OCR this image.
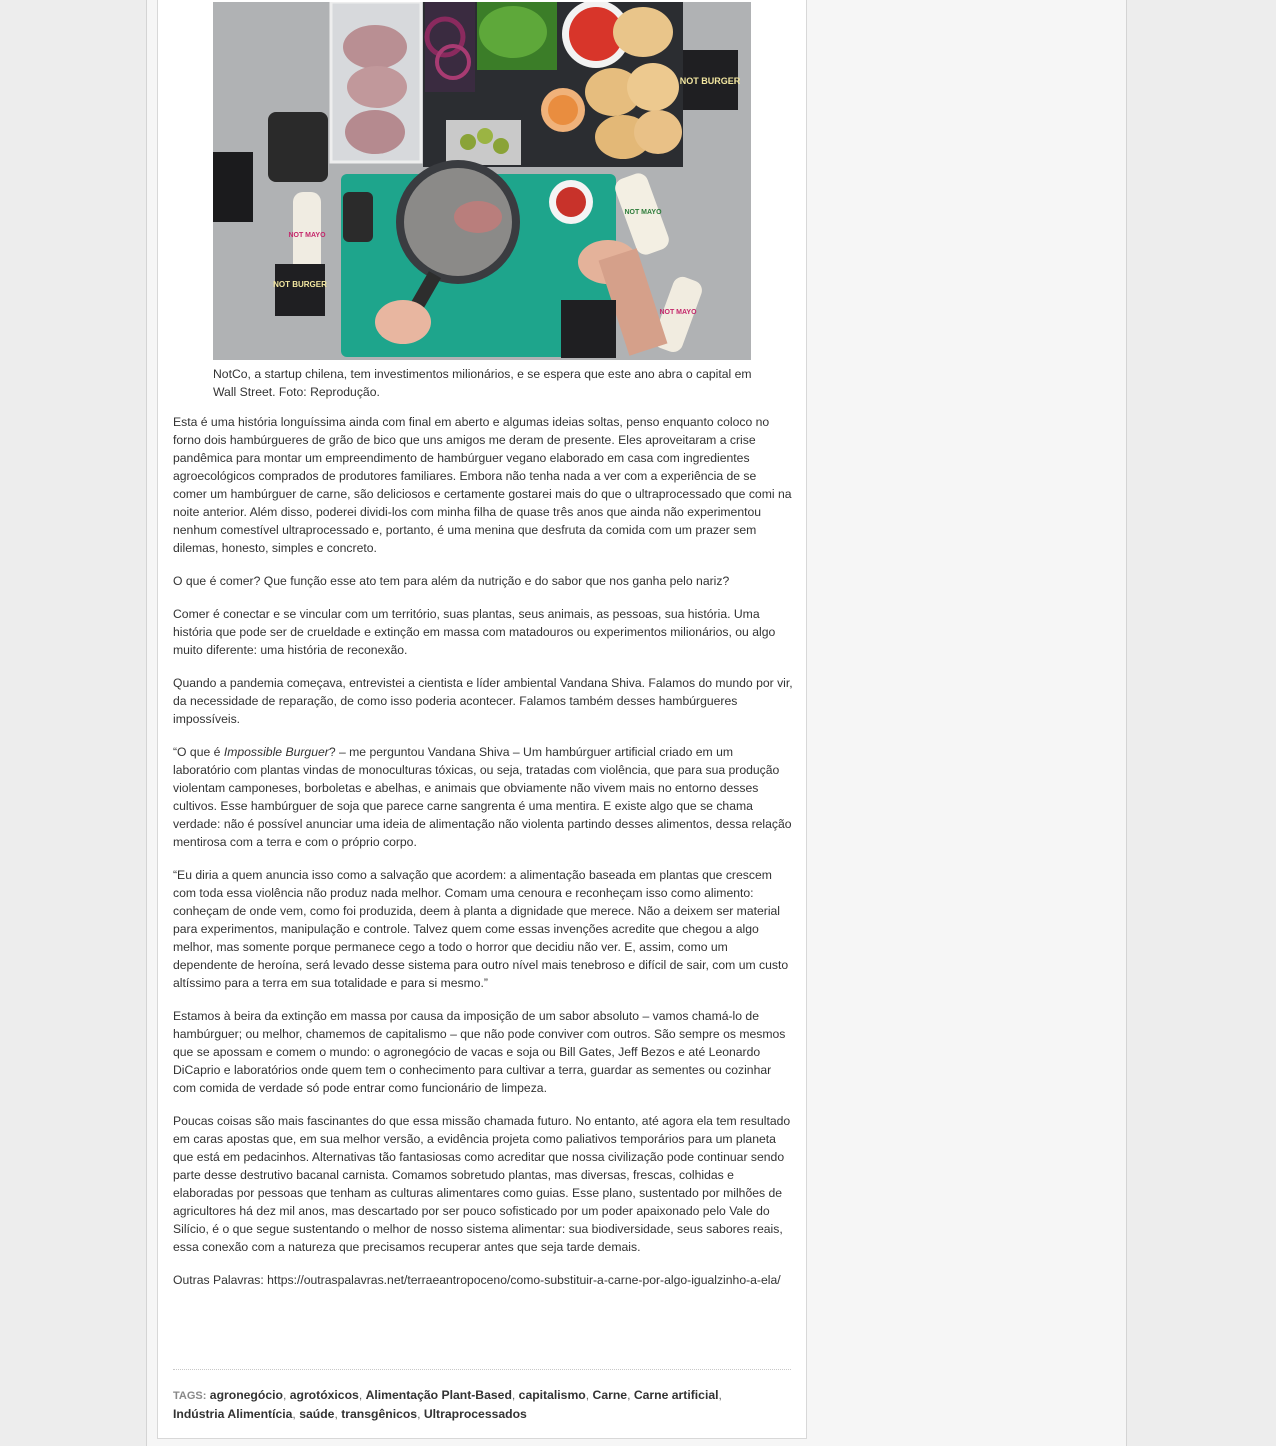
NOT BURGER
NOT MAYO
NOT MAYO
NOT MAYO
NOT BURGER
NotCo, a startup chilena, tem investimentos milionários, e se espera que este ano abra o capital em Wall Street. Foto: Reprodução.

Esta é uma história longuíssima ainda com final em aberto e algumas ideias soltas, penso enquanto coloco no forno dois hambúrgueres de grão de bico que uns amigos me deram de presente. Eles aproveitaram a crise pandêmica para montar um empreendimento de hambúrguer vegano elaborado em casa com ingredientes agroecológicos comprados de produtores familiares. Embora não tenha nada a ver com a experiência de se comer um hambúrguer de carne, são deliciosos e certamente gostarei mais do que o ultraprocessado que comi na noite anterior. Além disso, poderei dividi-los com minha filha de quase três anos que ainda não experimentou nenhum comestível ultraprocessado e, portanto, é uma menina que desfruta da comida com um prazer sem dilemas, honesto, simples e concreto.

O que é comer? Que função esse ato tem para além da nutrição e do sabor que nos ganha pelo nariz?

Comer é conectar e se vincular com um território, suas plantas, seus animais, as pessoas, sua história. Uma história que pode ser de crueldade e extinção em massa com matadouros ou experimentos milionários, ou algo muito diferente: uma história de reconexão.

Quando a pandemia começava, entrevistei a cientista e líder ambiental Vandana Shiva. Falamos do mundo por vir, da necessidade de reparação, de como isso poderia acontecer. Falamos também desses hambúrgueres impossíveis.

“O que é Impossible Burguer? – me perguntou Vandana Shiva – Um hambúrguer artificial criado em um laboratório com plantas vindas de monoculturas tóxicas, ou seja, tratadas com violência, que para sua produção violentam camponeses, borboletas e abelhas, e animais que obviamente não vivem mais no entorno desses cultivos. Esse hambúrguer de soja que parece carne sangrenta é uma mentira. E existe algo que se chama verdade: não é possível anunciar uma ideia de alimentação não violenta partindo desses alimentos, dessa relação mentirosa com a terra e com o próprio corpo.

“Eu diria a quem anuncia isso como a salvação que acordem: a alimentação baseada em plantas que crescem com toda essa violência não produz nada melhor. Comam uma cenoura e reconheçam isso como alimento: conheçam de onde vem, como foi produzida, deem à planta a dignidade que merece. Não a deixem ser material para experimentos, manipulação e controle. Talvez quem come essas invenções acredite que chegou a algo melhor, mas somente porque permanece cego a todo o horror que decidiu não ver. E, assim, como um dependente de heroína, será levado desse sistema para outro nível mais tenebroso e difícil de sair, com um custo altíssimo para a terra em sua totalidade e para si mesmo.”

Estamos à beira da extinção em massa por causa da imposição de um sabor absoluto – vamos chamá-lo de hambúrguer; ou melhor, chamemos de capitalismo – que não pode conviver com outros. São sempre os mesmos que se apossam e comem o mundo: o agronegócio de vacas e soja ou Bill Gates, Jeff Bezos e até Leonardo DiCaprio e laboratórios onde quem tem o conhecimento para cultivar a terra, guardar as sementes ou cozinhar com comida de verdade só pode entrar como funcionário de limpeza.

Poucas coisas são mais fascinantes do que essa missão chamada futuro. No entanto, até agora ela tem resultado em caras apostas que, em sua melhor versão, a evidência projeta como paliativos temporários para um planeta que está em pedacinhos. Alternativas tão fantasiosas como acreditar que nossa civilização pode continuar sendo parte desse destrutivo bacanal carnista. Comamos sobretudo plantas, mas diversas, frescas, colhidas e elaboradas por pessoas que tenham as culturas alimentares como guias. Esse plano, sustentado por milhões de agricultores há dez mil anos, mas descartado por ser pouco sofisticado por um poder apaixonado pelo Vale do Silício, é o que segue sustentando o melhor de nosso sistema alimentar: sua biodiversidade, seus sabores reais, essa conexão com a natureza que precisamos recuperar antes que seja tarde demais.

Outras Palavras: https://outraspalavras.net/terraeantropoceno/como-substituir-a-carne-por-algo-igualzinho-a-ela/

TAGS: agronegócio, agrotóxicos, Alimentação Plant-Based, capitalismo, Carne, Carne artificial,
Indústria Alimentícia, saúde, transgênicos, Ultraprocessados
